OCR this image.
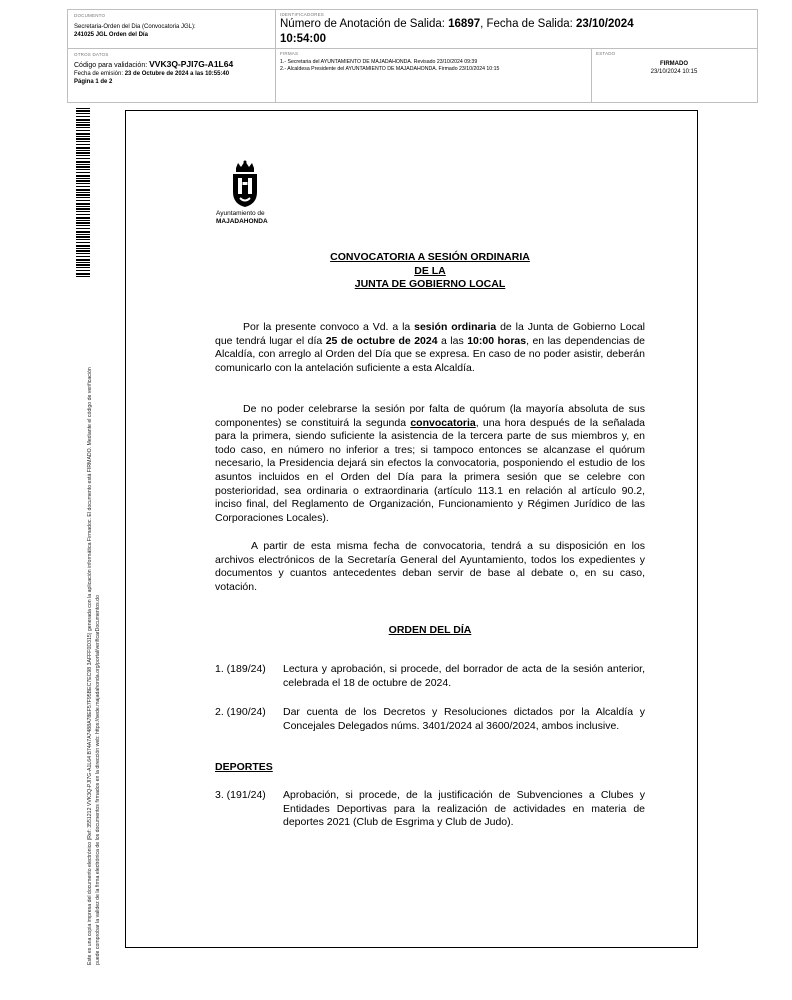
DOCUMENTO
Secretaria-Orden del Dia (Convocatoria JGL):
241025 JGL Orden del Día
IDENTIFICADORES
Número de Anotación de Salida: 16897, Fecha de Salida: 23/10/2024
10:54:00
OTROS DATOS
Código para validación: VVK3Q-PJI7G-A1L64
Fecha de emisión: 23 de Octubre de 2024 a las 10:55:40
Página 1 de 2
FIRMAS
1.- Secretaria del AYUNTAMIENTO DE MAJADAHONDA. Revisado 23/10/2024 09:39
2.- Alcaldesa Presidente del AYUNTAMIENTO DE MAJADAHONDA. Firmado 23/10/2024 10:15
ESTADO
FIRMADO
23/10/2024 10:15
Este es una copia impresa del documento electrónico (Ref: 3551212 VVK3Q-PJI7G-A1L64 B74A7A7488A78EF57F95BEC7EC98 3AFFF0D315) generada con la aplicación informática Firmadoc. El documento está FIRMADO. Mediante el código de verificación puede comprobar la validez de la firma electrónica de los documentos firmados en la dirección web: https://sede.majadahonda.org/portal/verificarDocumentos.do
Ayuntamiento de
MAJADAHONDA
CONVOCATORIA A SESIÓN ORDINARIA
DE LA
JUNTA DE GOBIERNO LOCAL
Por la presente convoco a Vd. a la sesión ordinaria de la Junta de Gobierno Local que tendrá lugar el día 25 de octubre de 2024 a las 10:00 horas, en las dependencias de Alcaldía, con arreglo al Orden del Día que se expresa. En caso de no poder asistir, deberán comunicarlo con la antelación suficiente a esta Alcaldía.
De no poder celebrarse la sesión por falta de quórum (la mayoría absoluta de sus componentes) se constituirá la segunda convocatoria, una hora después de la señalada para la primera, siendo suficiente la asistencia de la tercera parte de sus miembros y, en todo caso, en número no inferior a tres; si tampoco entonces se alcanzase el quórum necesario, la Presidencia dejará sin efectos la convocatoria, posponiendo el estudio de los asuntos incluidos en el Orden del Día para la primera sesión que se celebre con posterioridad, sea ordinaria o extraordinaria (artículo 113.1 en relación al artículo 90.2, inciso final, del Reglamento de Organización, Funcionamiento y Régimen Jurídico de las Corporaciones Locales).
A partir de esta misma fecha de convocatoria, tendrá a su disposición en los archivos electrónicos de la Secretaría General del Ayuntamiento, todos los expedientes y documentos y cuantos antecedentes deban servir de base al debate o, en su caso, votación.
ORDEN DEL DÍA
1. (189/24)	Lectura y aprobación, si procede, del borrador de acta de la sesión anterior, celebrada el 18 de octubre de 2024.
2. (190/24)	Dar cuenta de los Decretos y Resoluciones dictados por la Alcaldía y Concejales Delegados núms. 3401/2024 al 3600/2024, ambos inclusive.
DEPORTES
3. (191/24)	Aprobación, si procede, de la justificación de Subvenciones a Clubes y Entidades Deportivas para la realización de actividades en materia de deportes 2021 (Club de Esgrima y Club de Judo).
